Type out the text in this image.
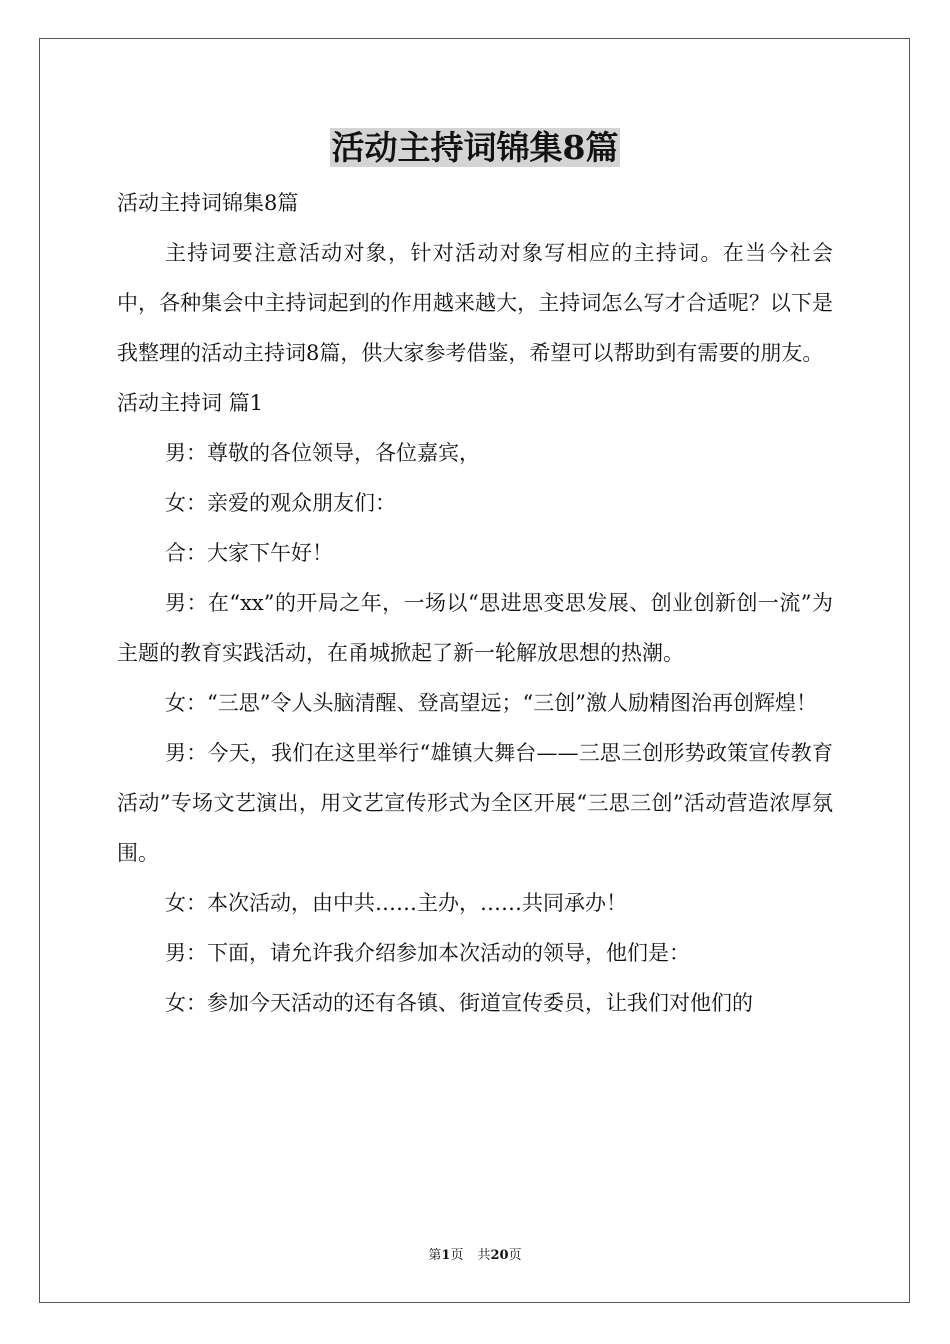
活动主持词锦集8篇

活动主持词锦集8篇

主持词要注意活动对象，针对活动对象写相应的主持词。在当今社会中，各种集会中主持词起到的作用越来越大，主持词怎么写才合适呢？以下是我整理的活动主持词8篇，供大家参考借鉴，希望可以帮助到有需要的朋友。

活动主持词 篇1

男：尊敬的各位领导，各位嘉宾，

女：亲爱的观众朋友们：

合：大家下午好！

男：在“xx”的开局之年，一场以“思进思变思发展、创业创新创一流”为主题的教育实践活动，在甬城掀起了新一轮解放思想的热潮。

女：“三思”令人头脑清醒、登高望远；“三创”激人励精图治再创辉煌！

男：今天，我们在这里举行“雄镇大舞台——三思三创形势政策宣传教育活动”专场文艺演出，用文艺宣传形式为全区开展“三思三创”活动营造浓厚氛围。

女：本次活动，由中共……主办，……共同承办！

男：下面，请允许我介绍参加本次活动的领导，他们是：

女：参加今天活动的还有各镇、街道宣传委员，让我们对他们的

第1页 共20页
